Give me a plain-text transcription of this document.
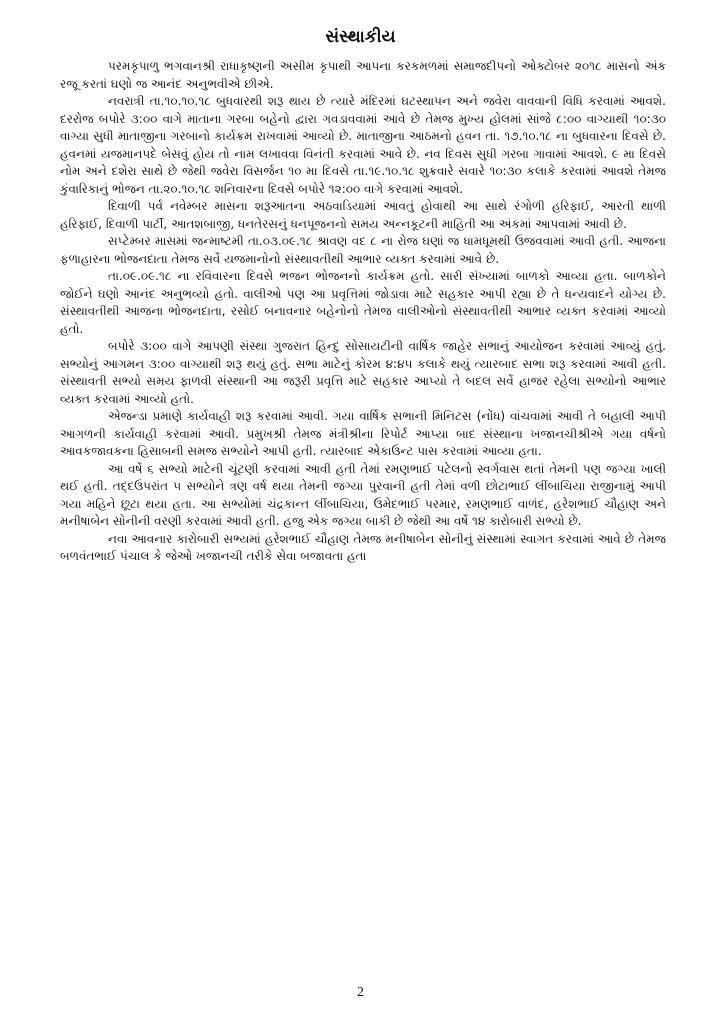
સંસ્થાકીય

પરમકૃપાળુ ભગવાનશ્રી રાધાકૃષ્ણની અસીમ કૃપાથી આપના કરકમળમાં સમાજદીપનો ઓક્ટોબર ૨૦૧૮ માસનો અંક રજૂ કરતાં ઘણો જ આનંદ અનુભવીએ છીએ.

નવરાત્રી તા.૧૦.૧૦.૧૮ બુધવારથી શરૂ થાય છે ત્યારે મંદિરમાં ઘટસ્થાપન અને જવેરા વાવવાની વિધિ કરવામાં આવશે. દરરોજ બપોરે ૩:૦૦ વાગે માતાના ગરબા બહેનો દ્વારા ગવડાવવામાં આવે છે તેમજ મુખ્ય હોલમાં સાંજે ૮:૦૦ વાગ્યાથી ૧૦:૩૦ વાગ્યા સુધી માતાજીના ગરબાનો કાર્યક્રમ રાખવામાં આવ્યો છે. માતાજીના આઠમનો હવન તા. ૧૭.૧૦.૧૮ ના બુધવારના દિવસે છે. હવનમાં યજમાનપદે બેસવું હોય તો નામ લખાવવા વિનંતી કરવામાં આવે છે. નવ દિવસ સુધી ગરબા ગાવામાં આવશે. ૯ મા દિવસે નોમ અને દશેરા સાથે છે જેથી જવેરા વિસર્જન ૧૦ મા દિવસે તા.૧૯.૧૦.૧૮ શુક્રવારે સવારે ૧૦:૩૦ કલાકે કરવામાં આવશે તેમજ કુંવારિકાનું ભોજન તા.૨૦.૧૦.૧૮ શનિવારના દિવસે બપોરે ૧૨:૦૦ વાગે કરવામાં આવશે.

દિવાળી પર્વ નવેમ્બર માસના શરૂઆતના અઠવાડિયામાં આવતું હોવાથી આ સાથે રંગોળી હરિફાઈ, આરતી થાળી હરિફાઈ, દિવાળી પાર્ટી, આતશબાજી, ધનતેરસનું ધનપૂજનનો સમય અન્નકૂટની માહિતી આ અંકમાં આપવામાં આવી છે.

સપ્ટેમ્બર માસમાં જન્માષ્ટમી તા.૦૩.૦૯.૧૮ શ્રાવણ વદ ૮ ના રોજ ઘણાં જ ધામધૂમથી ઉજવવામાં આવી હતી. આજના ફળાહારના ભોજનદાતા તેમજ સર્વે યજમાનોનો સંસ્થાવતીથી આભાર વ્યક્ત કરવામાં આવે છે.

તા.૦૯.૦૯.૧૮ ના રવિવારના દિવસે ભજન ભોજનનો કાર્યક્રમ હતો. સારી સંખ્યામાં બાળકો આવ્યા હતા. બાળકોને જોઈને ઘણો આનંદ અનુભવ્યો હતો. વાલીઓ પણ આ પ્રવૃત્તિમાં જોડાવા માટે સહકાર આપી રહ્યા છે તે ધન્યવાદને યોગ્ય છે. સંસ્થાવતીથી આજના ભોજનદાતા, રસોઈ બનાવનાર બહેનોનો તેમજ વાલીઓનો સંસ્થાવતીથી આભાર વ્યક્ત કરવામાં આવ્યો હતો.

બપોરે ૩:૦૦ વાગે આપણી સંસ્થા ગુજરાત હિન્દુ સોસાયટીની વાર્ષિક જાહેર સભાનું આયોજન કરવામાં આવ્યું હતું. સભ્યોનું આગમન ૩:૦૦ વાગ્યાથી શરૂ થયું હતું. સભા માટેનું કોરમ ૪:૪૫ કલાકે થયું ત્યારબાદ સભા શરૂ કરવામાં આવી હતી. સંસ્થાવતી સભ્યો સમય ફાળવી સંસ્થાની આ જરૂરી પ્રવૃત્તિ માટે સહકાર આપ્યો તે બદલ સર્વે હાજર રહેલા સભ્યોનો આભાર વ્યક્ત કરવામાં આવ્યો હતો.

એજન્ડા પ્રમાણે કાર્યવાહી શરૂ કરવામાં આવી. ગયા વાર્ષિક સભાની મિનિટસ (નોંધ) વાંચવામાં આવી તે બહાલી આપી આગળની કાર્યવાહી કરવામાં આવી. પ્રમુખશ્રી તેમજ મંત્રીશ્રીના રિપોર્ટ આપ્યા બાદ સંસ્થાના ખજાનચીશ્રીએ ગયા વર્ષનો આવકજાવકના હિસાબની સમજ સભ્યોને આપી હતી. ત્યારબાદ એકાઉન્ટ પાસ કરવામાં આવ્યા હતા.

આ વર્ષે ૬ સભ્યો માટેની ચૂંટણી કરવામાં આવી હતી તેમાં રમણભાઈ પટેલનો સ્વર્ગવાસ થતાં તેમની પણ જગ્યા ખાલી થઈ હતી. તદ્દઉપરાંત ૫ સભ્યોને ત્રણ વર્ષ થયા તેમની જગ્યા પુરવાની હતી તેમાં વળી છોટાભાઈ લીંબાચિયા રાજીનામું આપી ગયા મહિને છૂટા થયા હતા. આ સભ્યોમાં ચંદ્રકાન્ત લીંબાચિયા, ઉમેદભાઈ પરમાર, રમણભાઈ વાળંદ, હરેશભાઈ ચૌહાણ અને મનીષાબેન સોનીની વરણી કરવામાં આવી હતી. હજુ એક જગ્યા બાકી છે જેથી આ વર્ષે ૧૪ કારોબારી સભ્યો છે.

નવા આવનાર કારોબારી સભ્યમાં હરેશભાઈ ચૌહાણ તેમજ મનીષાબેન સોનીનું સંસ્થામાં સ્વાગત કરવામાં આવે છે તેમજ બળવંતભાઈ પંચાલ કે જેઓ ખજાનચી તરીકે સેવા બજાવતા હતા

2
